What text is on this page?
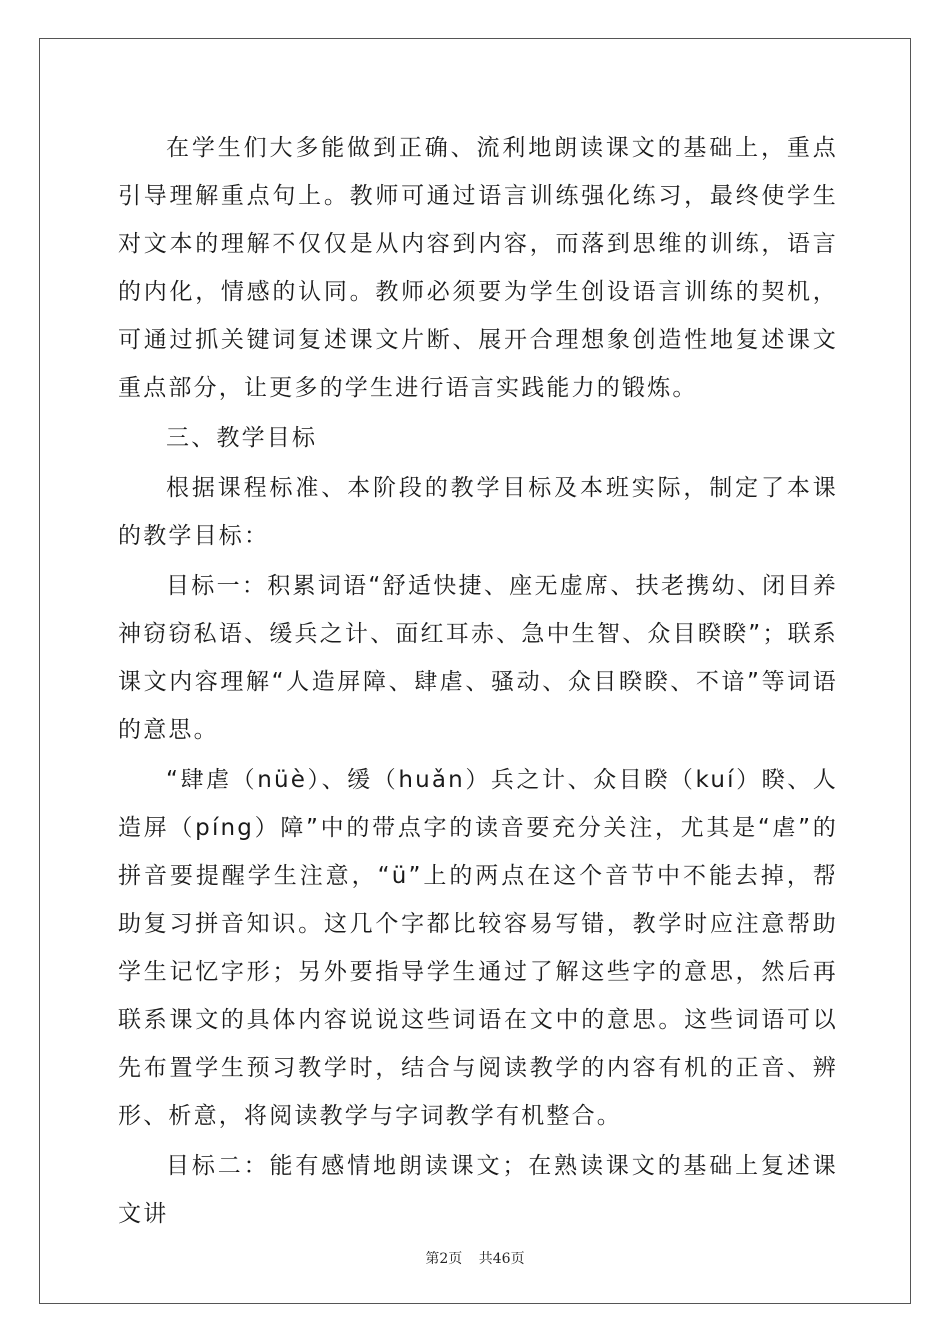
在学生们大多能做到正确、流利地朗读课文的基础上，重点引导理解重点句上。教师可通过语言训练强化练习，最终使学生对文本的理解不仅仅是从内容到内容，而落到思维的训练，语言的内化，情感的认同。教师必须要为学生创设语言训练的契机，可通过抓关键词复述课文片断、展开合理想象创造性地复述课文重点部分，让更多的学生进行语言实践能力的锻炼。

三、教学目标

根据课程标准、本阶段的教学目标及本班实际，制定了本课的教学目标：

目标一：积累词语“舒适快捷、座无虚席、扶老携幼、闭目养神窃窃私语、缓兵之计、面红耳赤、急中生智、众目睽睽”；联系课文内容理解“人造屏障、肆虐、骚动、众目睽睽、不谙”等词语的意思。

“肆虐（nüè）、缓（huǎn）兵之计、众目睽（kuí）睽、人造屏（píng）障”中的带点字的读音要充分关注，尤其是“虐”的拼音要提醒学生注意，“ü”上的两点在这个音节中不能去掉，帮助复习拼音知识。这几个字都比较容易写错，教学时应注意帮助学生记忆字形；另外要指导学生通过了解这些字的意思，然后再联系课文的具体内容说说这些词语在文中的意思。这些词语可以先布置学生预习教学时，结合与阅读教学的内容有机的正音、辨形、析意，将阅读教学与字词教学有机整合。

目标二：能有感情地朗读课文；在熟读课文的基础上复述课文讲

第2页 共46页
